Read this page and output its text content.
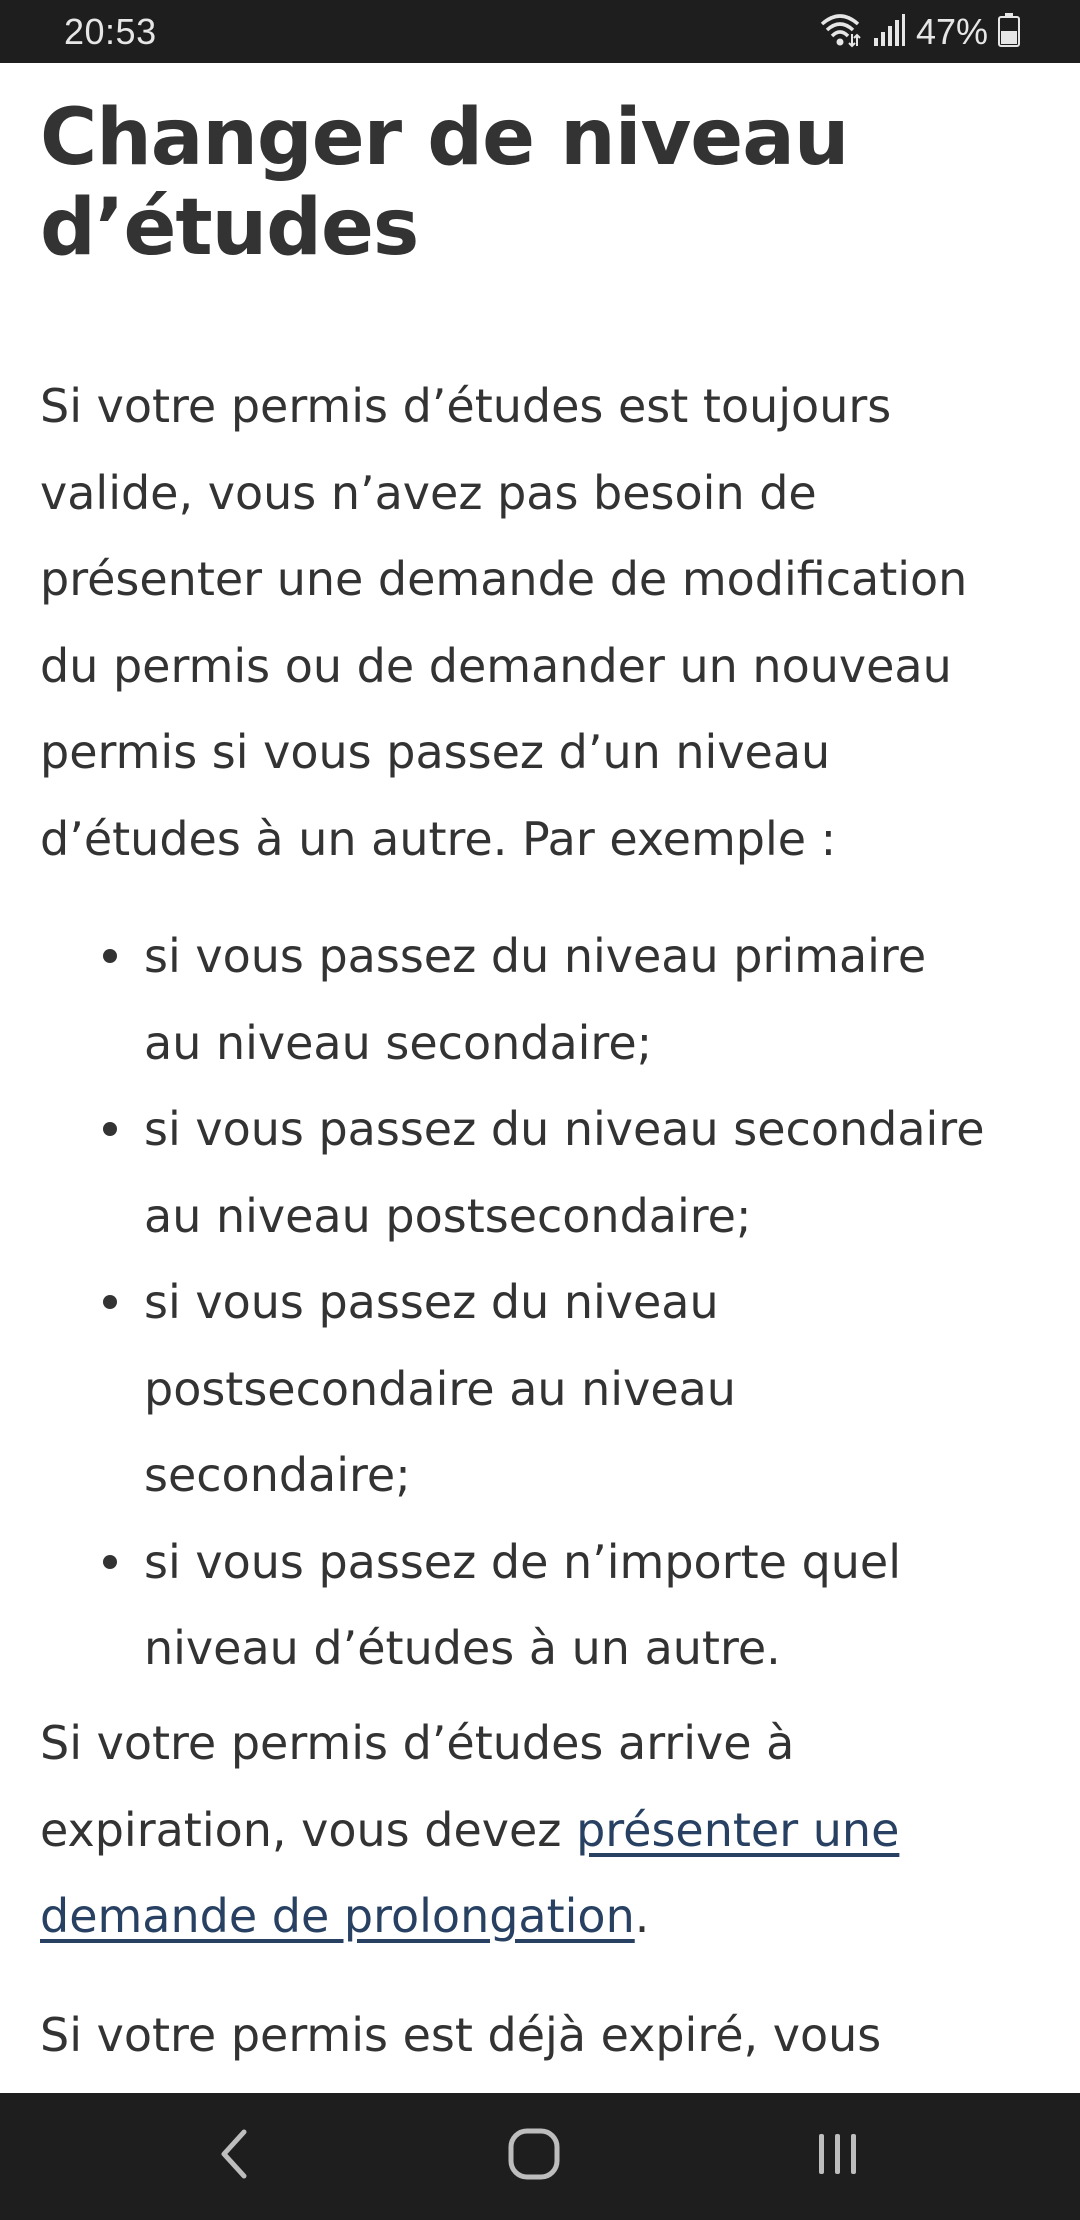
20:53	47%
Changer de niveau
d’études

Si votre permis d’études est toujours
valide, vous n’avez pas besoin de
présenter une demande de modification
du permis ou de demander un nouveau
permis si vous passez d’un niveau
d’études à un autre. Par exemple :

si vous passez du niveau primaire
au niveau secondaire;
si vous passez du niveau secondaire
au niveau postsecondaire;
si vous passez du niveau
postsecondaire au niveau
secondaire;
si vous passez de n’importe quel
niveau d’études à un autre.

Si votre permis d’études arrive à
expiration, vous devez présenter une
demande de prolongation.

Si votre permis est déjà expiré, vous
